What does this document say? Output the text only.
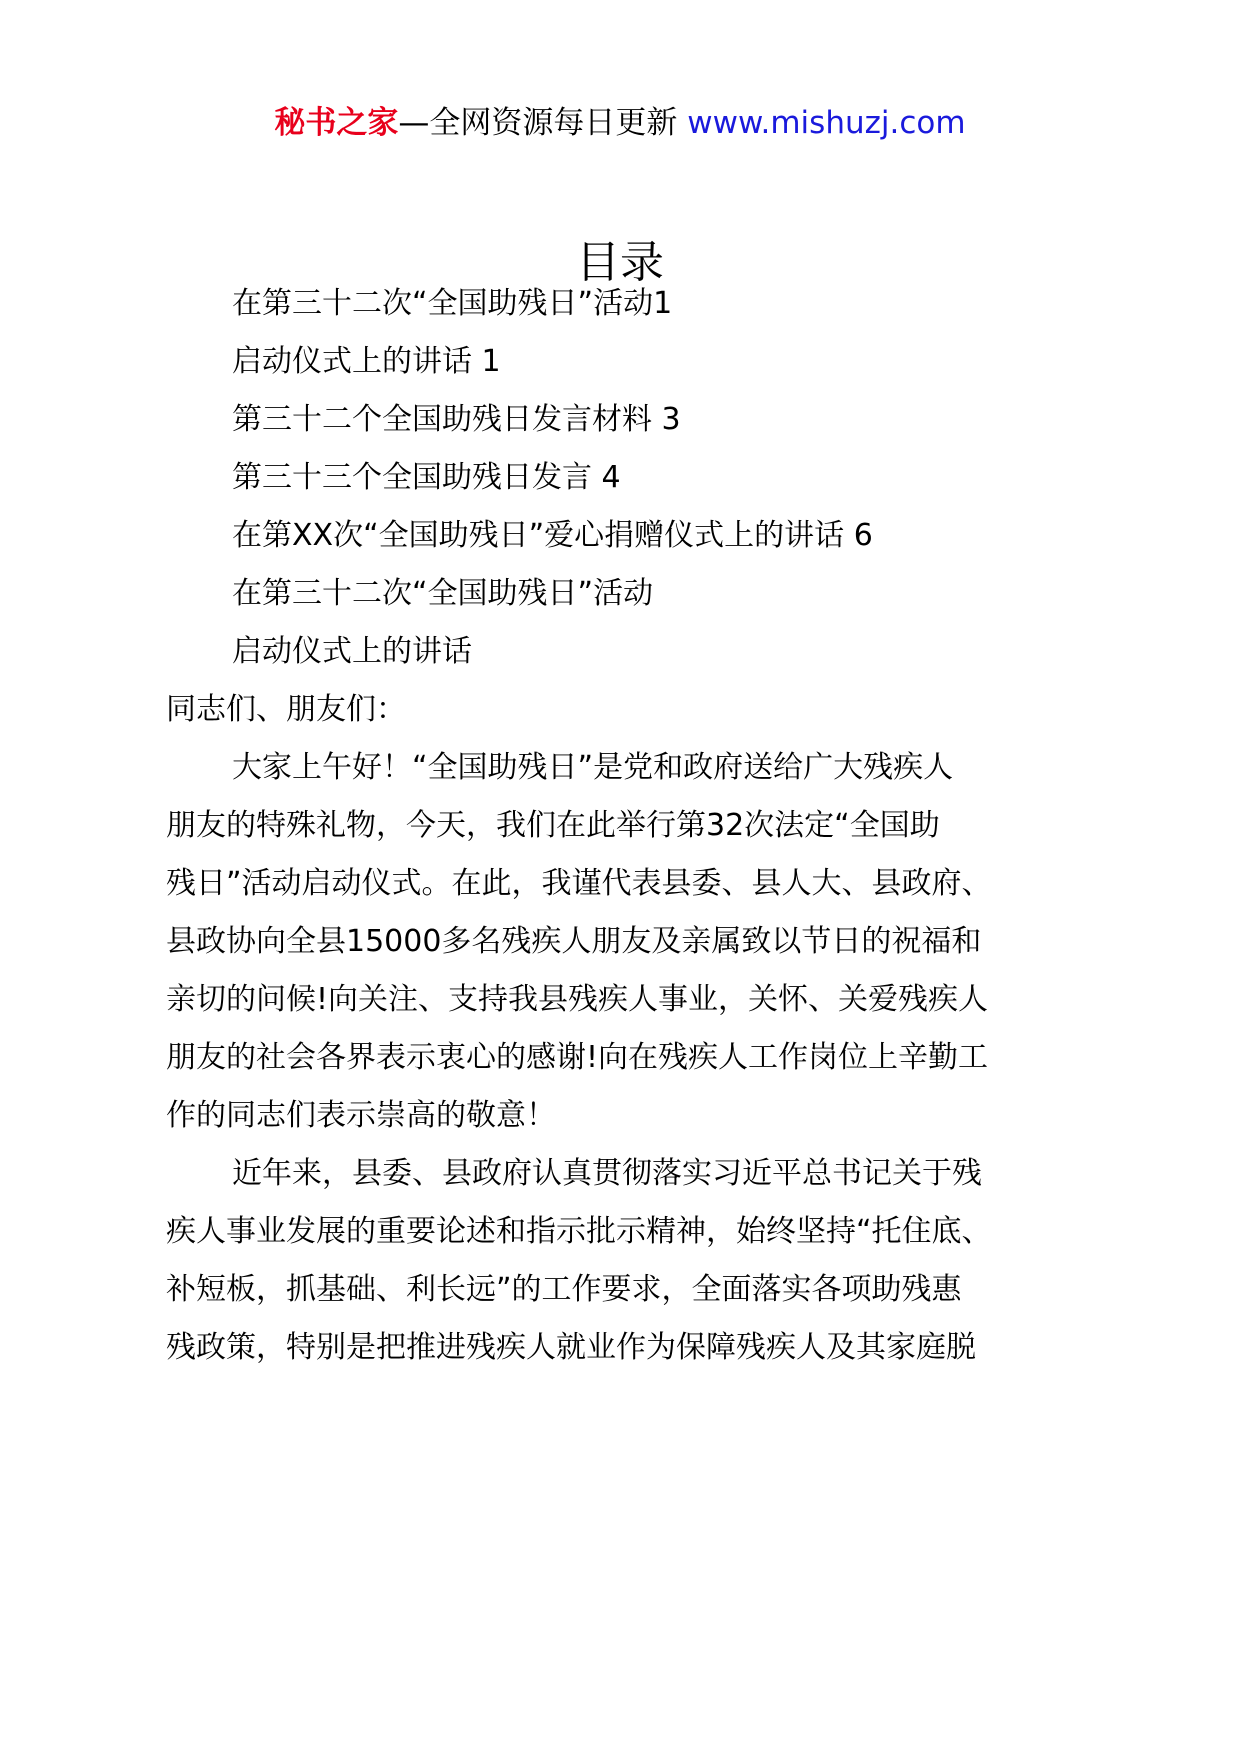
秘书之家—全网资源每日更新 www.mishuzj.com
目录
在第三十二次“全国助残日”活动1
启动仪式上的讲话 1
第三十二个全国助残日发言材料 3
第三十三个全国助残日发言 4
在第XX次“全国助残日”爱心捐赠仪式上的讲话 6
在第三十二次“全国助残日”活动
启动仪式上的讲话
同志们、朋友们：
大家上午好！“全国助残日”是党和政府送给广大残疾人
朋友的特殊礼物，今天，我们在此举行第32次法定“全国助
残日”活动启动仪式。在此，我谨代表县委、县人大、县政府、
县政协向全县15000多名残疾人朋友及亲属致以节日的祝福和
亲切的问候!向关注、支持我县残疾人事业，关怀、关爱残疾人
朋友的社会各界表示衷心的感谢!向在残疾人工作岗位上辛勤工
作的同志们表示崇高的敬意！
近年来，县委、县政府认真贯彻落实习近平总书记关于残
疾人事业发展的重要论述和指示批示精神，始终坚持“托住底、
补短板，抓基础、利长远”的工作要求，全面落实各项助残惠
残政策，特别是把推进残疾人就业作为保障残疾人及其家庭脱
